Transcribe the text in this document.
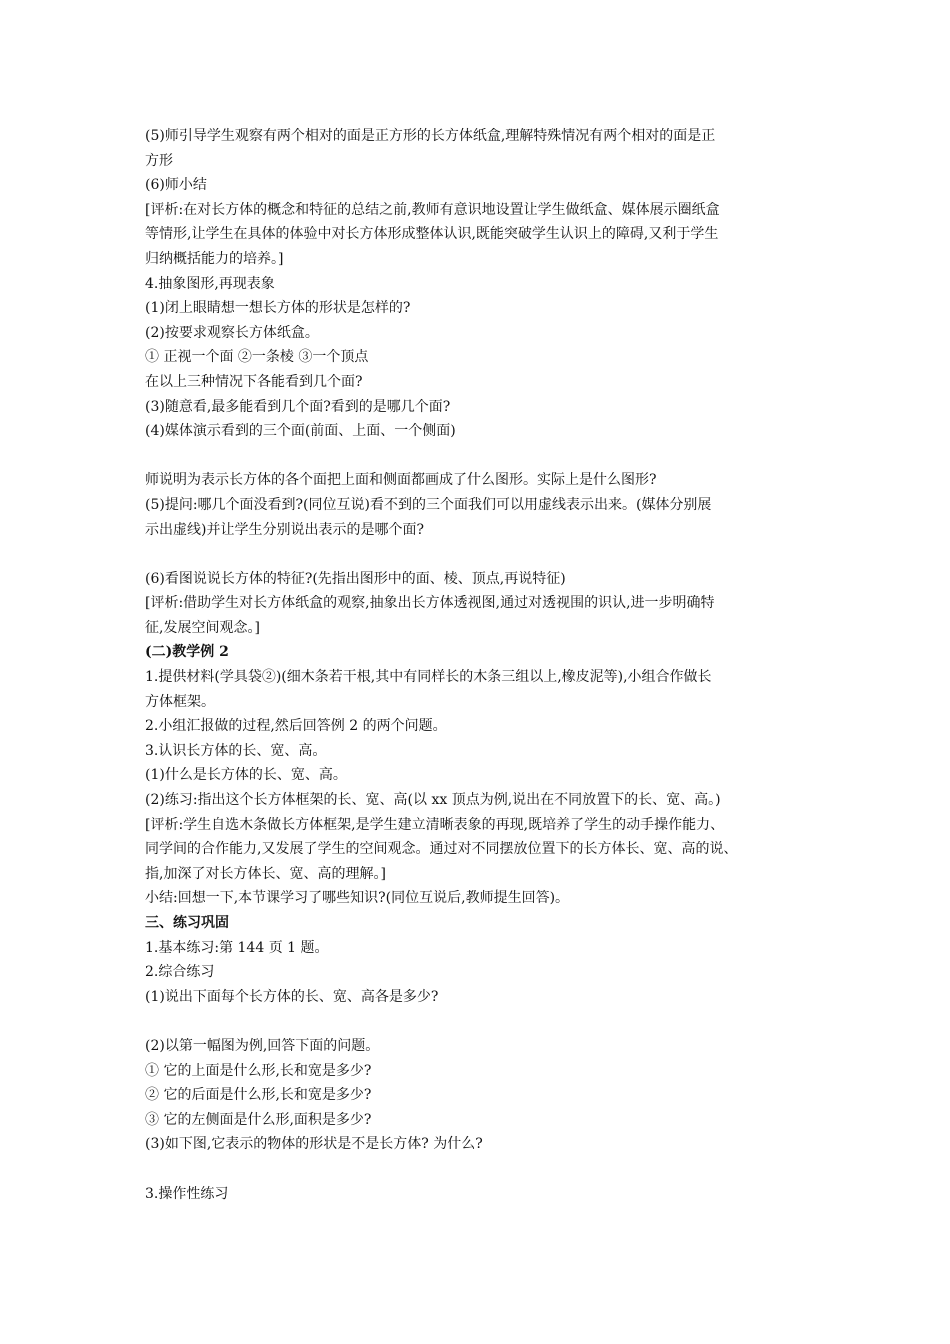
(5)师引导学生观察有两个相对的面是正方形的长方体纸盒,理解特殊情况有两个相对的面是正

方形

(6)师小结

[评析:在对长方体的概念和特征的总结之前,教师有意识地设置让学生做纸盒、媒体展示圈纸盒

等情形,让学生在具体的体验中对长方体形成整体认识,既能突破学生认识上的障碍,又利于学生

归纳概括能力的培养。]

4.抽象图形,再现表象

(1)闭上眼睛想一想长方体的形状是怎样的?

(2)按要求观察长方体纸盒。

① 正视一个面 ②一条棱 ③一个顶点

在以上三种情况下各能看到几个面?

(3)随意看,最多能看到几个面?看到的是哪几个面?

(4)媒体演示看到的三个面(前面、上面、一个侧面)

师说明为表示长方体的各个面把上面和侧面都画成了什么图形。实际上是什么图形?

(5)提问:哪几个面没看到?(同位互说)看不到的三个面我们可以用虚线表示出来。(媒体分别展

示出虚线)并让学生分别说出表示的是哪个面?

(6)看图说说长方体的特征?(先指出图形中的面、棱、顶点,再说特征)

[评析:借助学生对长方体纸盒的观察,抽象出长方体透视图,通过对透视围的识认,进一步明确特

征,发展空间观念。]

(二)教学例 2

1.提供材料(学具袋②)(细木条若干根,其中有同样长的木条三组以上,橡皮泥等),小组合作做长

方体框架。

2.小组汇报做的过程,然后回答例 2 的两个问题。

3.认识长方体的长、宽、高。

(1)什么是长方体的长、宽、高。

(2)练习:指出这个长方体框架的长、宽、高(以 xx 顶点为例,说出在不同放置下的长、宽、高。)

[评析:学生自选木条做长方体框架,是学生建立清晰表象的再现,既培养了学生的动手操作能力、

同学间的合作能力,又发展了学生的空间观念。通过对不同摆放位置下的长方体长、宽、高的说、

指,加深了对长方体长、宽、高的理解。]

小结:回想一下,本节课学习了哪些知识?(同位互说后,教师提生回答)。

三、练习巩固

1.基本练习:第 144 页 1 题。

2.综合练习

(1)说出下面每个长方体的长、宽、高各是多少?

(2)以第一幅图为例,回答下面的问题。

① 它的上面是什么形,长和宽是多少?

② 它的后面是什么形,长和宽是多少?

③ 它的左侧面是什么形,面积是多少?

(3)如下图,它表示的物体的形状是不是长方体? 为什么?

3.操作性练习
